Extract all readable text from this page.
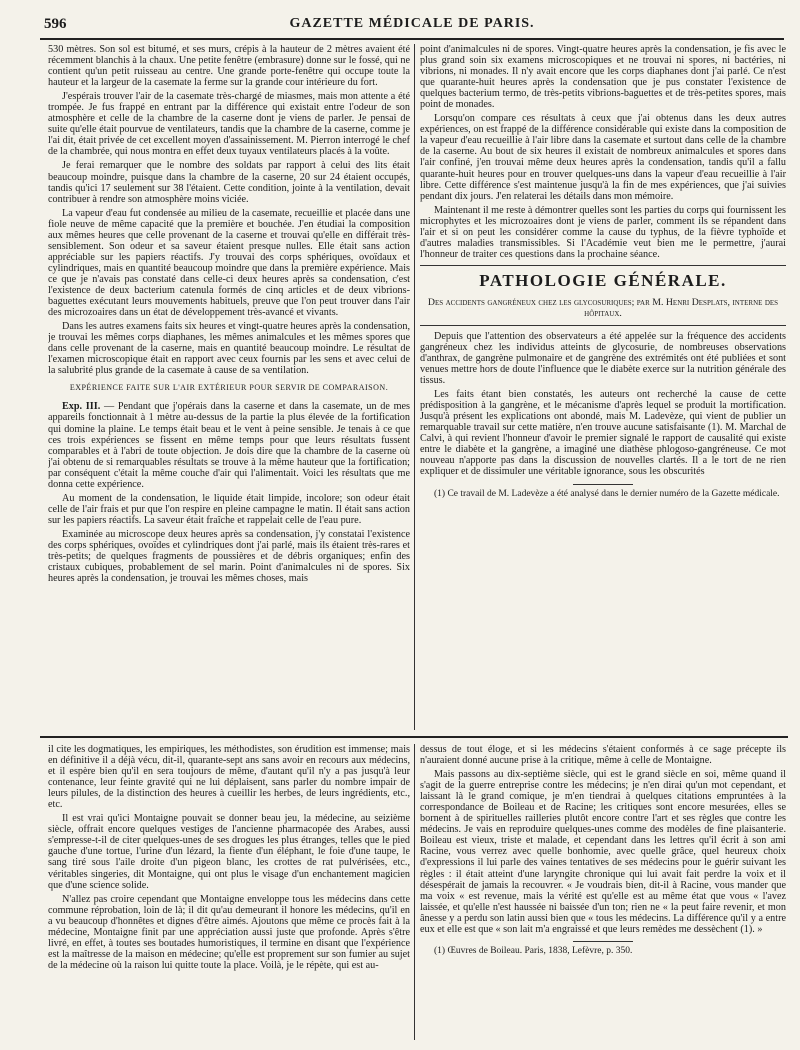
596	GAZETTE MÉDICALE DE PARIS.

530 mètres. Son sol est bitumé, et ses murs, crépis à la hauteur de 2 mètres avaient été récemment blanchis à la chaux. Une petite fenêtre (embrasure) donne sur le fossé, qui ne contient qu'un petit ruisseau au centre. Une grande porte-fenêtre qui occupe toute la hauteur et la largeur de la casemate la ferme sur la grande cour intérieure du fort.

J'espérais trouver l'air de la casemate très-chargé de miasmes, mais mon attente a été trompée. Je fus frappé en entrant par la différence qui existait entre l'odeur de son atmosphère et celle de la chambre de la caserne dont je viens de parler. Je pensai de suite qu'elle était pourvue de ventilateurs, tandis que la chambre de la caserne, comme je l'ai dit, était privée de cet excellent moyen d'assainissement. M. Pierron interrogé le chef de la chambrée, qui nous montra en effet deux tuyaux ventilateurs placés à la voûte.

Je ferai remarquer que le nombre des soldats par rapport à celui des lits était beaucoup moindre, puisque dans la chambre de la caserne, 20 sur 24 étaient occupés, tandis qu'ici 17 seulement sur 38 l'étaient. Cette condition, jointe à la ventilation, devait contribuer à rendre son atmosphère moins viciée.

La vapeur d'eau fut condensée au milieu de la casemate, recueillie et placée dans une fiole neuve de même capacité que la première et bouchée. J'en étudiai la composition aux mêmes heures que celle provenant de la caserne et trouvai qu'elle en différait très-sensiblement. Son odeur et sa saveur étaient presque nulles. Elle était sans action appréciable sur les papiers réactifs. J'y trouvai des corps sphériques, ovoïdaux et cylindriques, mais en quantité beaucoup moindre que dans la première expérience. Mais ce que je n'avais pas constaté dans celle-ci deux heures après sa condensation, c'est l'existence de deux bacterium catenula formés de cinq articles et de deux vibrions-baguettes exécutant leurs mouvements habituels, preuve que l'on peut trouver dans l'air des microzoaires dans un état de développement très-avancé et vivants.

Dans les autres examens faits six heures et vingt-quatre heures après la condensation, je trouvai les mêmes corps diaphanes, les mêmes animalcules et les mêmes spores que dans celle provenant de la caserne, mais en quantité beaucoup moindre. Le résultat de l'examen microscopique était en rapport avec ceux fournis par les sens et avec celui de la salubrité plus grande de la casemate à cause de sa ventilation.

EXPÉRIENCE FAITE SUR L'AIR EXTÉRIEUR POUR SERVIR DE COMPARAISON.

Exp. III. — Pendant que j'opérais dans la caserne et dans la casemate, un de mes appareils fonctionnait à 1 mètre au-dessus de la partie la plus élevée de la fortification qui domine la plaine. Le temps était beau et le vent à peine sensible. Je tenais à ce que ces trois expériences se fissent en même temps pour que leurs résultats fussent comparables et à l'abri de toute objection. Je dois dire que la chambre de la caserne où j'ai obtenu de si remarquables résultats se trouve à la même hauteur que la fortification; par conséquent c'était la même couche d'air qui l'alimentait. Voici les résultats que me donna cette expérience.

Au moment de la condensation, le liquide était limpide, incolore; son odeur était celle de l'air frais et pur que l'on respire en pleine campagne le matin. Il était sans action sur les papiers réactifs. La saveur était fraîche et rappelait celle de l'eau pure.

Examinée au microscope deux heures après sa condensation, j'y constatai l'existence des corps sphériques, ovoïdes et cylindriques dont j'ai parlé, mais ils étaient très-rares et très-petits; de quelques fragments de poussières et de débris organiques; enfin des cristaux cubiques, probablement de sel marin. Point d'animalcules ni de spores. Six heures après la condensation, je trouvai les mêmes choses, mais

point d'animalcules ni de spores. Vingt-quatre heures après la condensation, je fis avec le plus grand soin six examens microscopiques et ne trouvai ni spores, ni bactéries, ni vibrions, ni monades. Il n'y avait encore que les corps diaphanes dont j'ai parlé. Ce n'est que quarante-huit heures après la condensation que je pus constater l'existence de quelques bacterium termo, de très-petits vibrions-baguettes et de très-petites spores, mais point de monades.

Lorsqu'on compare ces résultats à ceux que j'ai obtenus dans les deux autres expériences, on est frappé de la différence considérable qui existe dans la composition de la vapeur d'eau recueillie à l'air libre dans la casemate et surtout dans celle de la chambre de la caserne. Au bout de six heures il existait de nombreux animalcules et spores dans l'air confiné, j'en trouvai même deux heures après la condensation, tandis qu'il a fallu quarante-huit heures pour en trouver quelques-uns dans la vapeur d'eau recueillie à l'air libre. Cette différence s'est maintenue jusqu'à la fin de mes expériences, que j'ai suivies pendant dix jours. J'en relaterai les détails dans mon mémoire.

Maintenant il me reste à démontrer quelles sont les parties du corps qui fournissent les microphytes et les microzoaires dont je viens de parler, comment ils se répandent dans l'air et si on peut les considérer comme la cause du typhus, de la fièvre typhoïde et d'autres maladies transmissibles. Si l'Académie veut bien me le permettre, j'aurai l'honneur de traiter ces questions dans la prochaine séance.

PATHOLOGIE GÉNÉRALE.
Des accidents gangréneux chez les glycosuriques; par M. Henri Desplats, interne des hôpitaux.

Depuis que l'attention des observateurs a été appelée sur la fréquence des accidents gangréneux chez les individus atteints de glycosurie, de nombreuses observations d'anthrax, de gangrène pulmonaire et de gangrène des extrémités ont été publiées et sont venues mettre hors de doute l'influence que le diabète exerce sur la nutrition générale des tissus.

Les faits étant bien constatés, les auteurs ont recherché la cause de cette prédisposition à la gangrène, et le mécanisme d'après lequel se produit la mortification. Jusqu'à présent les explications ont abondé, mais M. Ladevèze, qui vient de publier un remarquable travail sur cette matière, n'en trouve aucune satisfaisante (1). M. Marchal de Calvi, à qui revient l'honneur d'avoir le premier signalé le rapport de causalité qui existe entre le diabète et la gangrène, a imaginé une diathèse phlogoso-gangréneuse. Ce mot nouveau n'apporte pas dans la discussion de nouvelles clartés. Il a le tort de ne rien expliquer et de dissimuler une véritable ignorance, sous les obscurités

(1) Ce travail de M. Ladevèze a été analysé dans le dernier numéro de la Gazette médicale.

il cite les dogmatiques, les empiriques, les méthodistes, son érudition est immense; mais en définitive il a déjà vécu, dit-il, quarante-sept ans sans avoir en recours aux médecins, et il espère bien qu'il en sera toujours de même, d'autant qu'il n'y a pas jusqu'à leur contenance, leur feinte gravité qui ne lui déplaisent, sans parler du nombre impair de leurs pilules, de la distinction des heures à cueillir les herbes, de leurs ingrédients, etc., etc.

Il est vrai qu'ici Montaigne pouvait se donner beau jeu, la médecine, au seizième siècle, offrait encore quelques vestiges de l'ancienne pharmacopée des Arabes, aussi s'empresse-t-il de citer quelques-unes de ses drogues les plus étranges, telles que le pied gauche d'une tortue, l'urine d'un lézard, la fiente d'un éléphant, le foie d'une taupe, le sang tiré sous l'aile droite d'un pigeon blanc, les crottes de rat pulvérisées, etc., véritables singeries, dit Montaigne, qui ont plus le visage d'un enchantement magicien que d'une science solide.

N'allez pas croire cependant que Montaigne enveloppe tous les médecins dans cette commune réprobation, loin de là; il dit qu'au demeurant il honore les médecins, qu'il en a vu beaucoup d'honnêtes et dignes d'être aimés. Ajoutons que même ce procès fait à la médecine, Montaigne finit par une appréciation aussi juste que profonde. Après s'être livré, en effet, à toutes ses boutades humoristiques, il termine en disant que l'expérience est la maîtresse de la maison en médecine; qu'elle est proprement sur son fumier au sujet de la médecine où la raison lui quitte toute la place. Voilà, je le répète, qui est au-

dessus de tout éloge, et si les médecins s'étaient conformés à ce sage précepte ils n'auraient donné aucune prise à la critique, même à celle de Montaigne.

Mais passons au dix-septième siècle, qui est le grand siècle en soi, même quand il s'agit de la guerre entreprise contre les médecins; je n'en dirai qu'un mot cependant, et laissant là le grand comique, je m'en tiendrai à quelques citations empruntées à la correspondance de Boileau et de Racine; les critiques sont encore mesurées, elles se bornent à de spirituelles railleries plutôt encore contre l'art et ses règles que contre les médecins. Je vais en reproduire quelques-unes comme des modèles de fine plaisanterie. Boileau est vieux, triste et malade, et cependant dans les lettres qu'il écrit à son ami Racine, vous verrez avec quelle bonhomie, avec quelle grâce, quel heureux choix d'expressions il lui parle des vaines tentatives de ses médecins pour le guérir suivant les règles : il était atteint d'une laryngite chronique qui lui avait fait perdre la voix et il désespérait de jamais la recouvrer. « Je voudrais bien, dit-il à Racine, vous mander que ma voix « est revenue, mais la vérité est qu'elle est au même état que vous « l'avez laissée, et qu'elle n'est haussée ni baissée d'un ton; rien ne « la peut faire revenir, et mon ânesse y a perdu son latin aussi bien que « tous les médecins. La différence qu'il y a entre eux et elle est que « son lait m'a engraissé et que leurs remèdes me dessèchent (1). »

(1) Œuvres de Boileau. Paris, 1838, Lefèvre, p. 350.
